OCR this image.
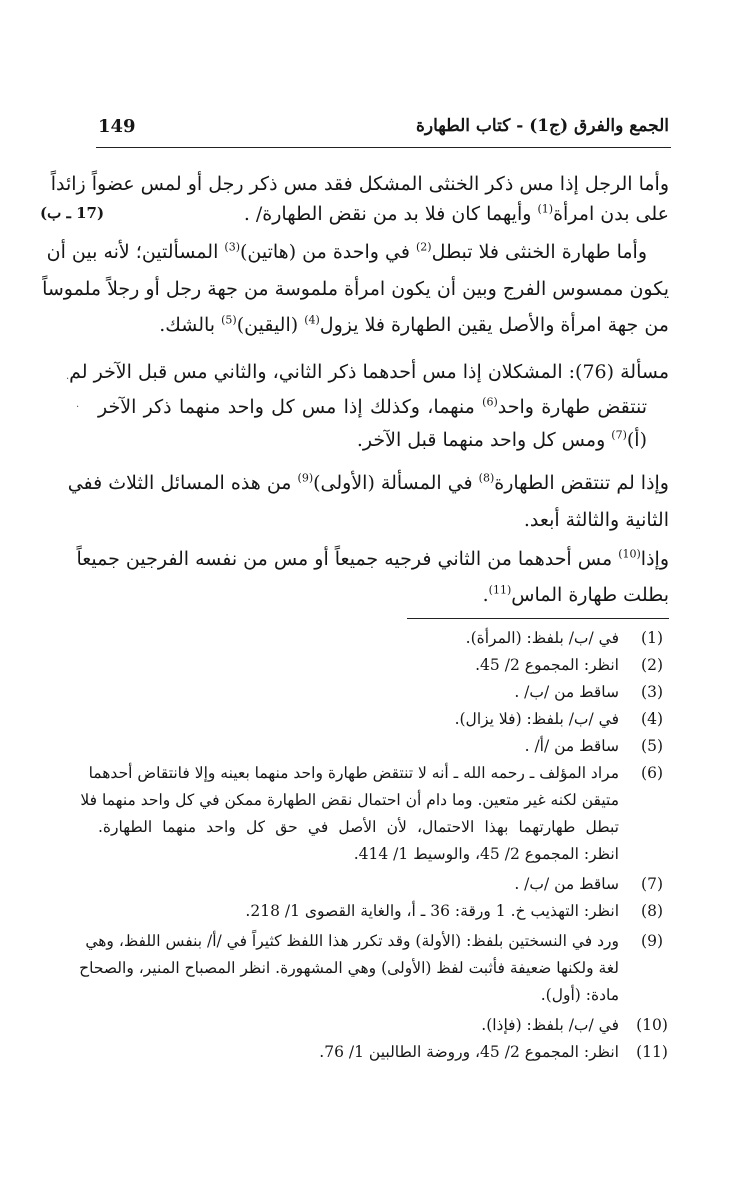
الجمع والفرق (ج1) - كتاب الطهارة
149
(17 ـ ب)
وأما الرجل إذا مس ذكر الخنثى المشكل فقد مس ذكر رجل أو لمس عضواً زائداً
على بدن امرأة$^{(1)}$ وأيهما كان فلا بد من نقض الطهارة/ .
وأما طهارة الخنثى فلا تبطل$^{(2)}$ في واحدة من (هاتين)$^{(3)}$ المسألتين؛ لأنه بين أن
يكون ممسوس الفرج وبين أن يكون امرأة ملموسة من جهة رجل أو رجلاً ملموساً
من جهة امرأة والأصل يقين الطهارة فلا يزول$^{(4)}$ (اليقين)$^{(5)}$ بالشك.
مسألة (76): المشكلان إذا مس أحدهما ذكر الثاني، والثاني مس قبل الآخر لم
تنتقض طهارة واحد$^{(6)}$ منهما، وكذلك إذا مس كل واحد منهما ذكر الآخر
(أ)$^{(7)}$ ومس كل واحد منهما قبل الآخر.
وإذا لم تنتقض الطهارة$^{(8)}$ في المسألة (الأولى)$^{(9)}$ من هذه المسائل الثلاث ففي
الثانية والثالثة أبعد.
وإذا$^{(10)}$ مس أحدهما من الثاني فرجيه جميعاً أو مس من نفسه الفرجين جميعاً
بطلت طهارة الماس$^{(11)}$.
·
·
(1)
في /ب/ بلفظ: (المرأة).
(2)
انظر: المجموع 2/ 45.
(3)
ساقط من /ب/ .
(4)
في /ب/ بلفظ: (فلا يزال).
(5)
ساقط من /أ/ .
(6)
مراد المؤلف ـ رحمه الله ـ أنه لا تنتقض طهارة واحد منهما بعينه وإلا فانتقاض أحدهما
متيقن لكنه غير متعين. وما دام أن احتمال نقض الطهارة ممكن في كل واحد منهما فلا
تبطل طهارتهما بهذا الاحتمال، لأن الأصل في حق كل واحد منهما الطهارة.
انظر: المجموع 2/ 45، والوسيط 1/ 414.
(7)
ساقط من /ب/ .
(8)
انظر: التهذيب خ. 1 ورقة: 36 ـ أ، والغاية القصوى 1/ 218.
(9)
ورد في النسختين بلفظ: (الأولة) وقد تكرر هذا اللفظ كثيراً في /أ/ بنفس اللفظ، وهي
لغة ولكنها ضعيفة فأثبت لفظ (الأولى) وهي المشهورة. انظر المصباح المنير، والصحاح
مادة: (أول).
(10)
في /ب/ بلفظ: (فإذا).
(11)
انظر: المجموع 2/ 45، وروضة الطالبين 1/ 76.
